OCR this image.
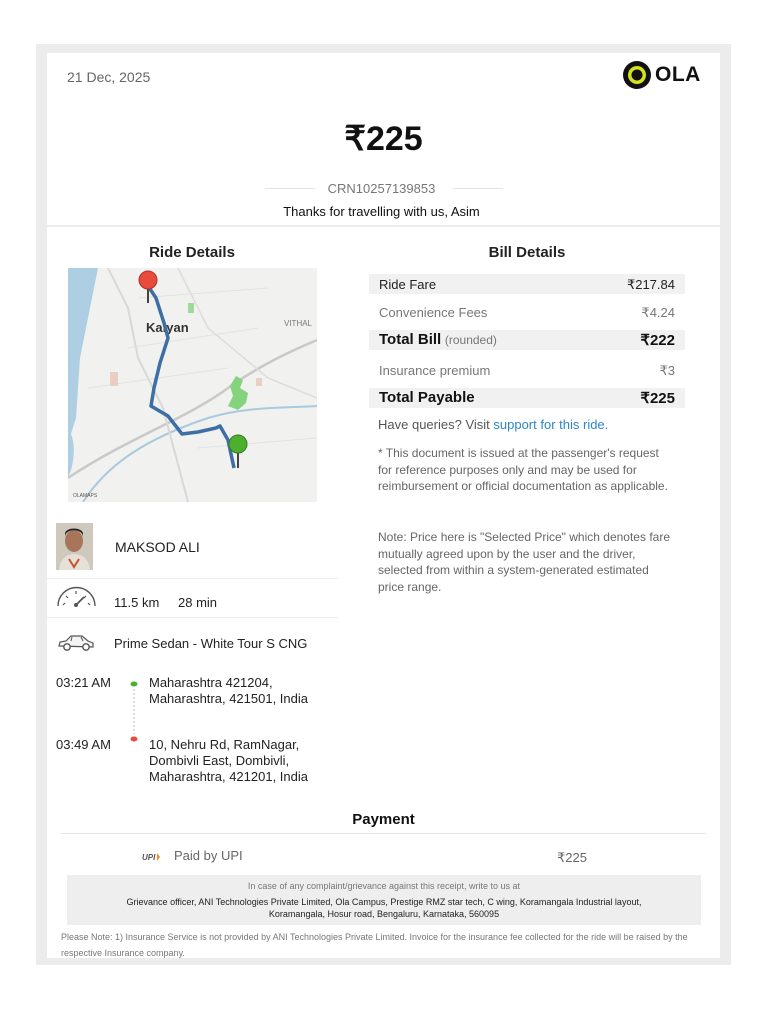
21 Dec, 2025	OLA
₹225
CRN10257139853
Thanks for travelling with us, Asim
Ride Details
Kalyan	VITHAL
OLAMAPS
MAKSOD ALI
11.5 km 28 min
Prime Sedan - White Tour S CNG
03:21 AM	Maharashtra 421204, Maharashtra, 421501, India
03:49 AM	10, Nehru Rd, RamNagar, Dombivli East, Dombivli, Maharashtra, 421201, India
Bill Details
Ride Fare	₹217.84
Convenience Fees	₹4.24
Total Bill (rounded)	₹222
Insurance premium	₹3
Total Payable	₹225
Have queries? Visit support for this ride.
* This document is issued at the passenger's request for reference purposes only and may be used for reimbursement or official documentation as applicable.
Note: Price here is "Selected Price" which denotes fare mutually agreed upon by the user and the driver, selected from within a system-generated estimated price range.
Payment
UPI Paid by UPI	₹225
In case of any complaint/grievance against this receipt, write to us at
Grievance officer, ANI Technologies Private Limited, Ola Campus, Prestige RMZ star tech, C wing, Koramangala Industrial layout, Koramangala, Hosur road, Bengaluru, Karnataka, 560095
Please Note: 1) Insurance Service is not provided by ANI Technologies Private Limited. Invoice for the insurance fee collected for the ride will be raised by the respective Insurance company.
